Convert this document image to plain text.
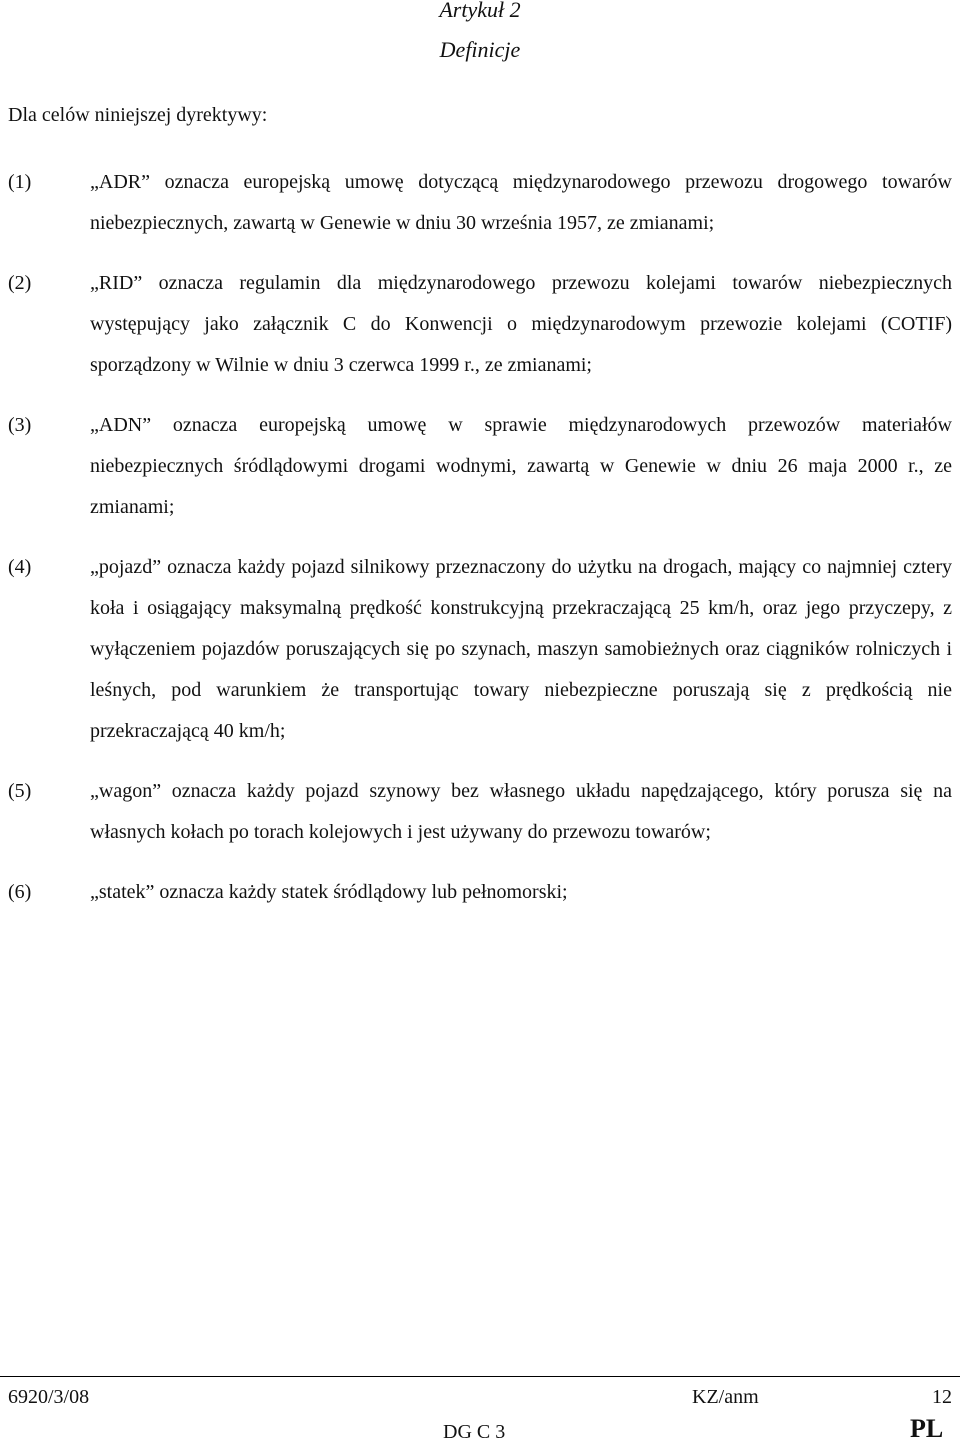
Artykuł 2
Definicje
Dla celów niniejszej dyrektywy:
(1)	„ADR” oznacza europejską umowę dotyczącą międzynarodowego przewozu drogowego towarów niebezpiecznych, zawartą w Genewie w dniu 30 września 1957, ze zmianami;
(2)	„RID” oznacza regulamin dla międzynarodowego przewozu kolejami towarów niebezpiecznych występujący jako załącznik C do Konwencji o międzynarodowym przewozie kolejami (COTIF) sporządzony w Wilnie w dniu 3 czerwca 1999 r., ze zmianami;
(3)	„ADN” oznacza europejską umowę w sprawie międzynarodowych przewozów materiałów niebezpiecznych śródlądowymi drogami wodnymi, zawartą w Genewie w dniu 26 maja 2000 r., ze zmianami;
(4)	„pojazd” oznacza każdy pojazd silnikowy przeznaczony do użytku na drogach, mający co najmniej cztery koła i osiągający maksymalną prędkość konstrukcyjną przekraczającą 25 km/h, oraz jego przyczepy, z wyłączeniem pojazdów poruszających się po szynach, maszyn samobieżnych oraz ciągników rolniczych i leśnych, pod warunkiem że transportując towary niebezpieczne poruszają się z prędkością nie przekraczającą 40 km/h;
(5)	„wagon” oznacza każdy pojazd szynowy bez własnego układu napędzającego, który porusza się na własnych kołach po torach kolejowych i jest używany do przewozu towarów;
(6)	„statek” oznacza każdy statek śródlądowy lub pełnomorski;
6920/3/08	KZ/anm	12
DG C 3	PL
